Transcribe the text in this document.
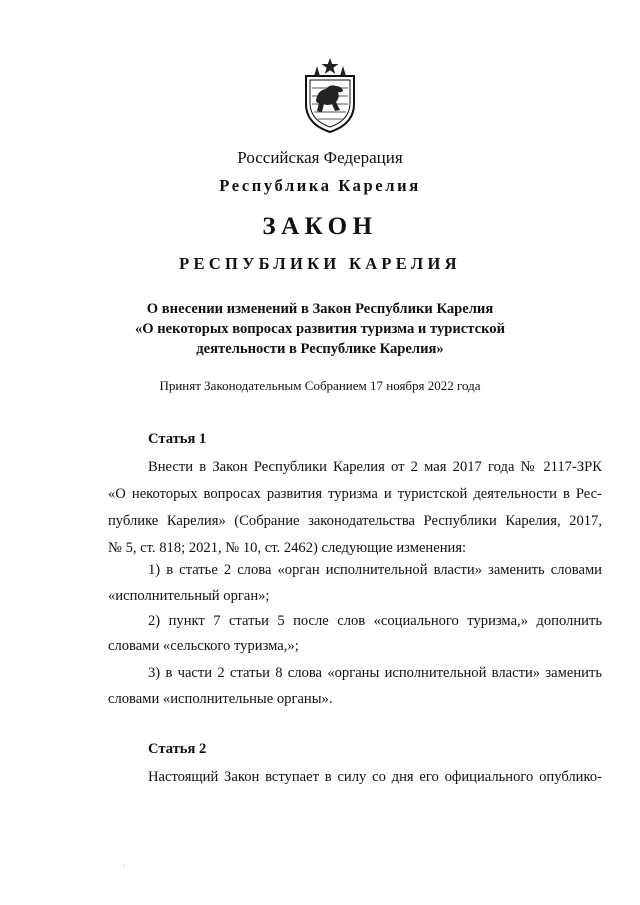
Российская Федерация
Республика Карелия
ЗАКОН
РЕСПУБЛИКИ КАРЕЛИЯ
О внесении изменений в Закон Республики Карелия
«О некоторых вопросах развития туризма и туристской
деятельности в Республике Карелия»
Принят Законодательным Собранием 17 ноября 2022 года
Статья 1
Внести в Закон Республики Карелия от 2 мая 2017 года № 2117-ЗРК
«О некоторых вопросах развития туризма и туристской деятельности в Рес-
публике Карелия» (Собрание законодательства Республики Карелия, 2017,
№ 5, ст. 818; 2021, № 10, ст. 2462) следующие изменения:
1) в статье 2 слова «орган исполнительной власти» заменить словами
«исполнительный орган»;
2) пункт 7 статьи 5 после слов «социального туризма,» дополнить
словами «сельского туризма,»;
3) в части 2 статьи 8 слова «органы исполнительной власти» заменить
словами «исполнительные органы».
Статья 2
Настоящий Закон вступает в силу со дня его официального опублико-
